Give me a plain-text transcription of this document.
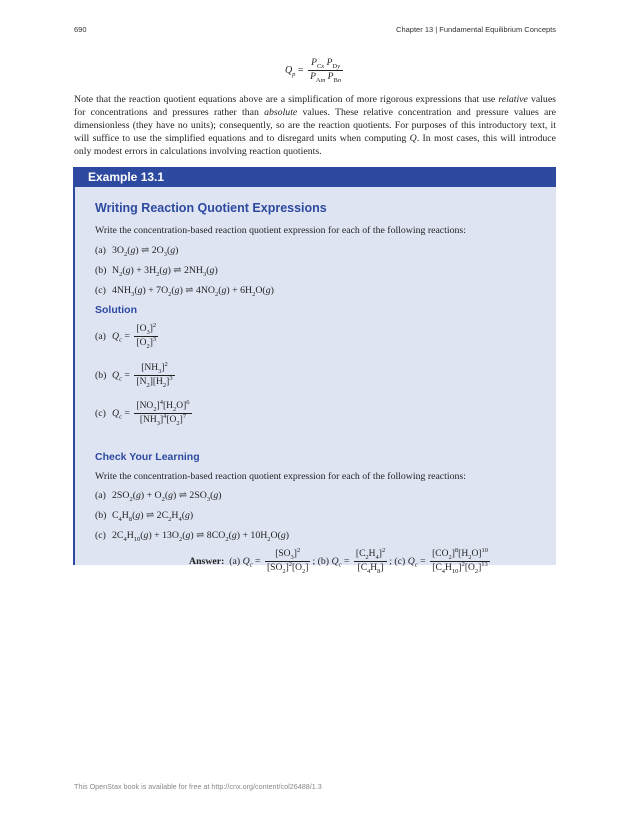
690	Chapter 13 | Fundamental Equilibrium Concepts
$Q_p = \frac{P_{Cx} P_{Dy}}{P_{Am} P_{Bn}}$

Note that the reaction quotient equations above are a simplification of more rigorous expressions that use relative values for concentrations and pressures rather than absolute values. These relative concentration and pressure values are dimensionless (they have no units); consequently, so are the reaction quotients. For purposes of this introductory text, it will suffice to use the simplified equations and to disregard units when computing Q. In most cases, this will introduce only modest errors in calculations involving reaction quotients.

Example 13.1
Writing Reaction Quotient Expressions
Write the concentration-based reaction quotient expression for each of the following reactions:
(a) $3O_2(g)$ ⇌ $2O_3(g)$
(b) $N_2(g) + 3H_2(g)$ ⇌ $2NH_3(g)$
(c) $4NH_3(g) + 7O_2(g)$ ⇌ $4NO_2(g) + 6H_2O(g)$
Solution
(a) $Q_c = \frac{[O_3]^2}{[O_2]^3}$
(b) $Q_c = \frac{[NH_3]^2}{[N_2][H_2]^3}$
(c) $Q_c = \frac{[NO_2]^4[H_2O]^6}{[NH_3]^4[O_2]^7}$
Check Your Learning
Write the concentration-based reaction quotient expression for each of the following reactions:
(a) $2SO_2(g) + O_2(g)$ ⇌ $2SO_3(g)$
(b) $C_4H_8(g)$ ⇌ $2C_2H_4(g)$
(c) $2C_4H_{10}(g) + 13O_2(g)$ ⇌ $8CO_2(g) + 10H_2O(g)$
Answer:  (a) $Q_c = \frac{[SO_3]^2}{[SO_2]^2[O_2]}$ ; (b) $Q_c = \frac{[C_2H_4]^2}{[C_4H_8]}$ ; (c) $Q_c = \frac{[CO_2]^8[H_2O]^{10}}{[C_4H_{10}]^2[O_2]^{13}}$
This OpenStax book is available for free at http://cnx.org/content/col26488/1.3
